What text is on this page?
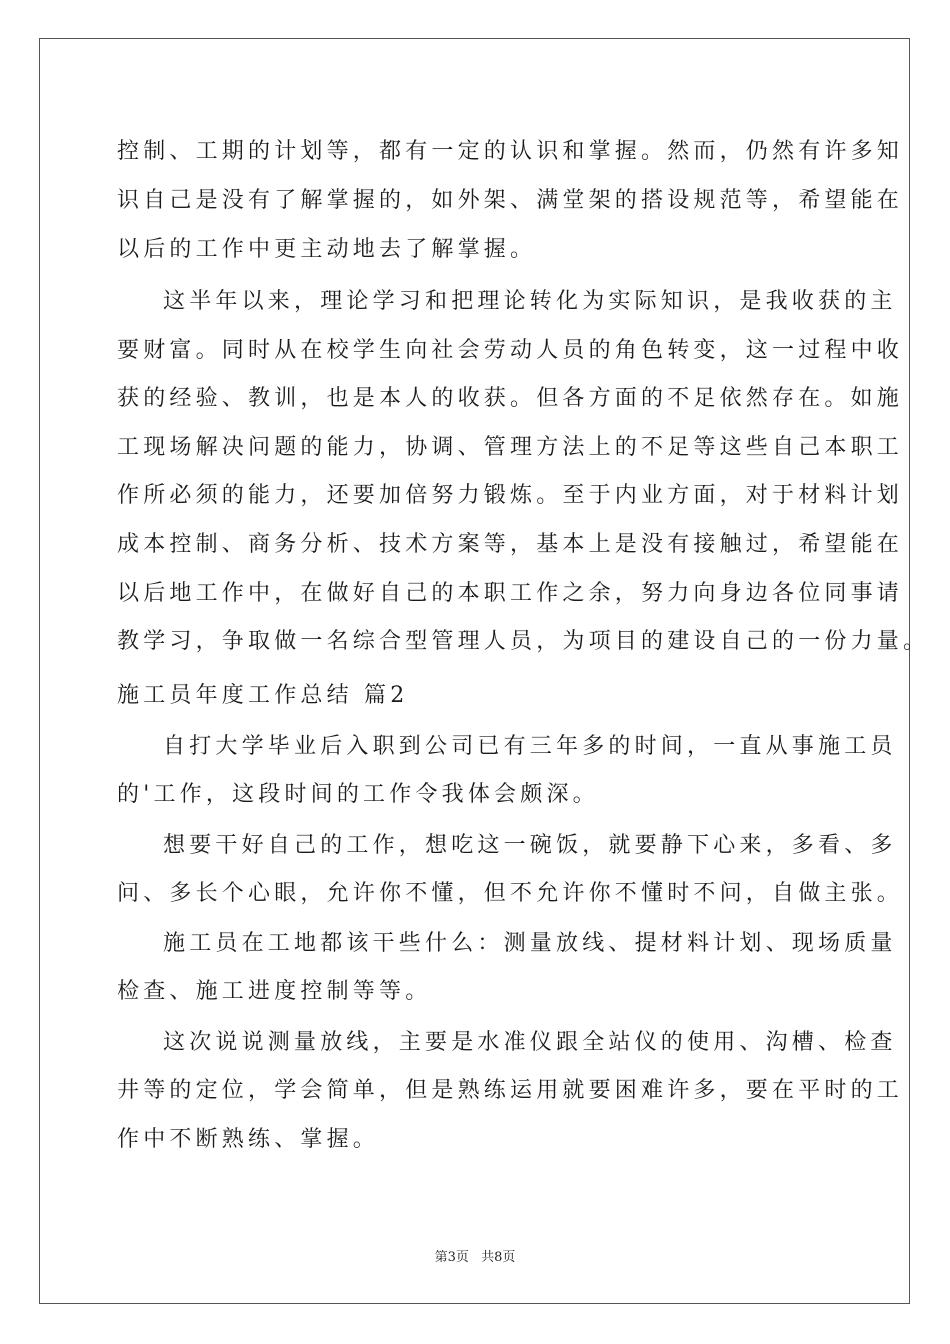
控制、工期的计划等，都有一定的认识和掌握。然而，仍然有许多知
识自己是没有了解掌握的，如外架、满堂架的搭设规范等，希望能在
以后的工作中更主动地去了解掌握。
这半年以来，理论学习和把理论转化为实际知识，是我收获的主
要财富。同时从在校学生向社会劳动人员的角色转变，这一过程中收
获的经验、教训，也是本人的收获。但各方面的不足依然存在。如施
工现场解决问题的能力，协调、管理方法上的不足等这些自己本职工
作所必须的能力，还要加倍努力锻炼。至于内业方面，对于材料计划
成本控制、商务分析、技术方案等，基本上是没有接触过，希望能在
以后地工作中，在做好自己的本职工作之余，努力向身边各位同事请
教学习，争取做一名综合型管理人员，为项目的建设自己的一份力量。
施工员年度工作总结 篇2
自打大学毕业后入职到公司已有三年多的时间，一直从事施工员
的'工作，这段时间的工作令我体会颇深。
想要干好自己的工作，想吃这一碗饭，就要静下心来，多看、多
问、多长个心眼，允许你不懂，但不允许你不懂时不问，自做主张。
施工员在工地都该干些什么：测量放线、提材料计划、现场质量
检查、施工进度控制等等。
这次说说测量放线，主要是水准仪跟全站仪的使用、沟槽、检查
井等的定位，学会简单，但是熟练运用就要困难许多，要在平时的工
作中不断熟练、掌握。
第3页 共8页
